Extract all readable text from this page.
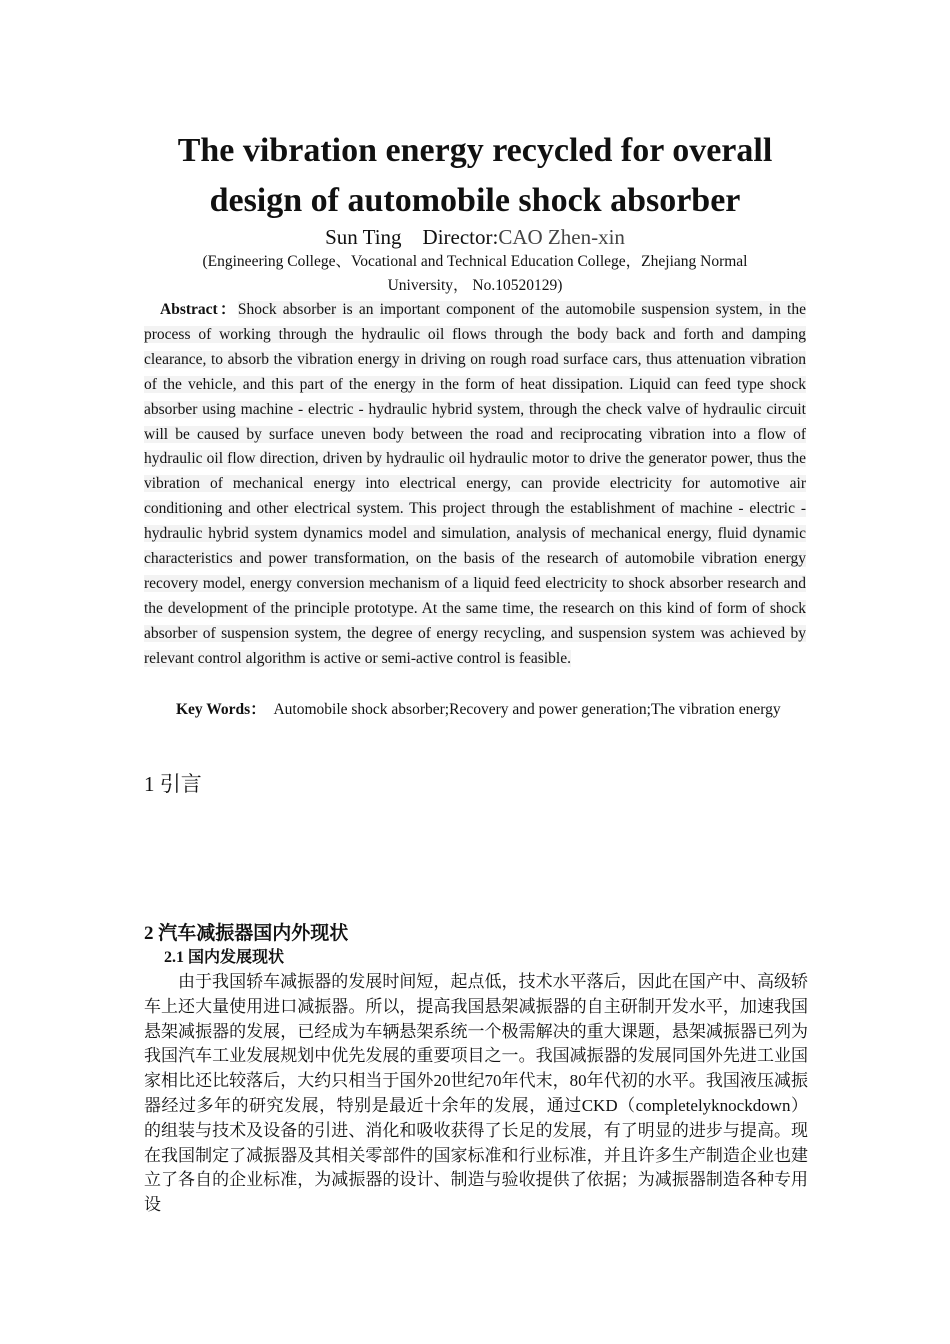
The vibration energy recycled for overall
design of automobile shock absorber
Sun Ting Director:CAO Zhen-xin
(Engineering College、Vocational and Technical Education College，Zhejiang Normal University， No.10520129)
Abstract：Shock absorber is an important component of the automobile suspension system, in the process of working through the hydraulic oil flows through the body back and forth and damping clearance, to absorb the vibration energy in driving on rough road surface cars, thus attenuation vibration of the vehicle, and this part of the energy in the form of heat dissipation. Liquid can feed type shock absorber using machine - electric - hydraulic hybrid system, through the check valve of hydraulic circuit will be caused by surface uneven body between the road and reciprocating vibration into a flow of hydraulic oil flow direction, driven by hydraulic oil hydraulic motor to drive the generator power, thus the vibration of mechanical energy into electrical energy, can provide electricity for automotive air conditioning and other electrical system. This project through the establishment of machine - electric - hydraulic hybrid system dynamics model and simulation, analysis of mechanical energy, fluid dynamic characteristics and power transformation, on the basis of the research of automobile vibration energy recovery model, energy conversion mechanism of a liquid feed electricity to shock absorber research and the development of the principle prototype. At the same time, the research on this kind of form of shock absorber of suspension system, the degree of energy recycling, and suspension system was achieved by relevant control algorithm is active or semi-active control is feasible.
Key Words： Automobile shock absorber;Recovery and power generation;The vibration energy
1 引言
2 汽车减振器国内外现状
2.1 国内发展现状
由于我国轿车减振器的发展时间短，起点低，技术水平落后，因此在国产中、高级轿车上还大量使用进口减振器。所以，提高我国悬架减振器的自主研制开发水平，加速我国悬架减振器的发展，已经成为车辆悬架系统一个极需解决的重大课题，悬架减振器已列为我国汽车工业发展规划中优先发展的重要项目之一。我国减振器的发展同国外先进工业国家相比还比较落后，大约只相当于国外20世纪70年代末，80年代初的水平。我国液压减振器经过多年的研究发展，特别是最近十余年的发展，通过CKD（completelyknockdown）的组装与技术及设备的引进、消化和吸收获得了长足的发展，有了明显的进步与提高。现在我国制定了减振器及其相关零部件的国家标准和行业标准，并且许多生产制造企业也建立了各自的企业标准，为减振器的设计、制造与验收提供了依据；为减振器制造各种专用设
